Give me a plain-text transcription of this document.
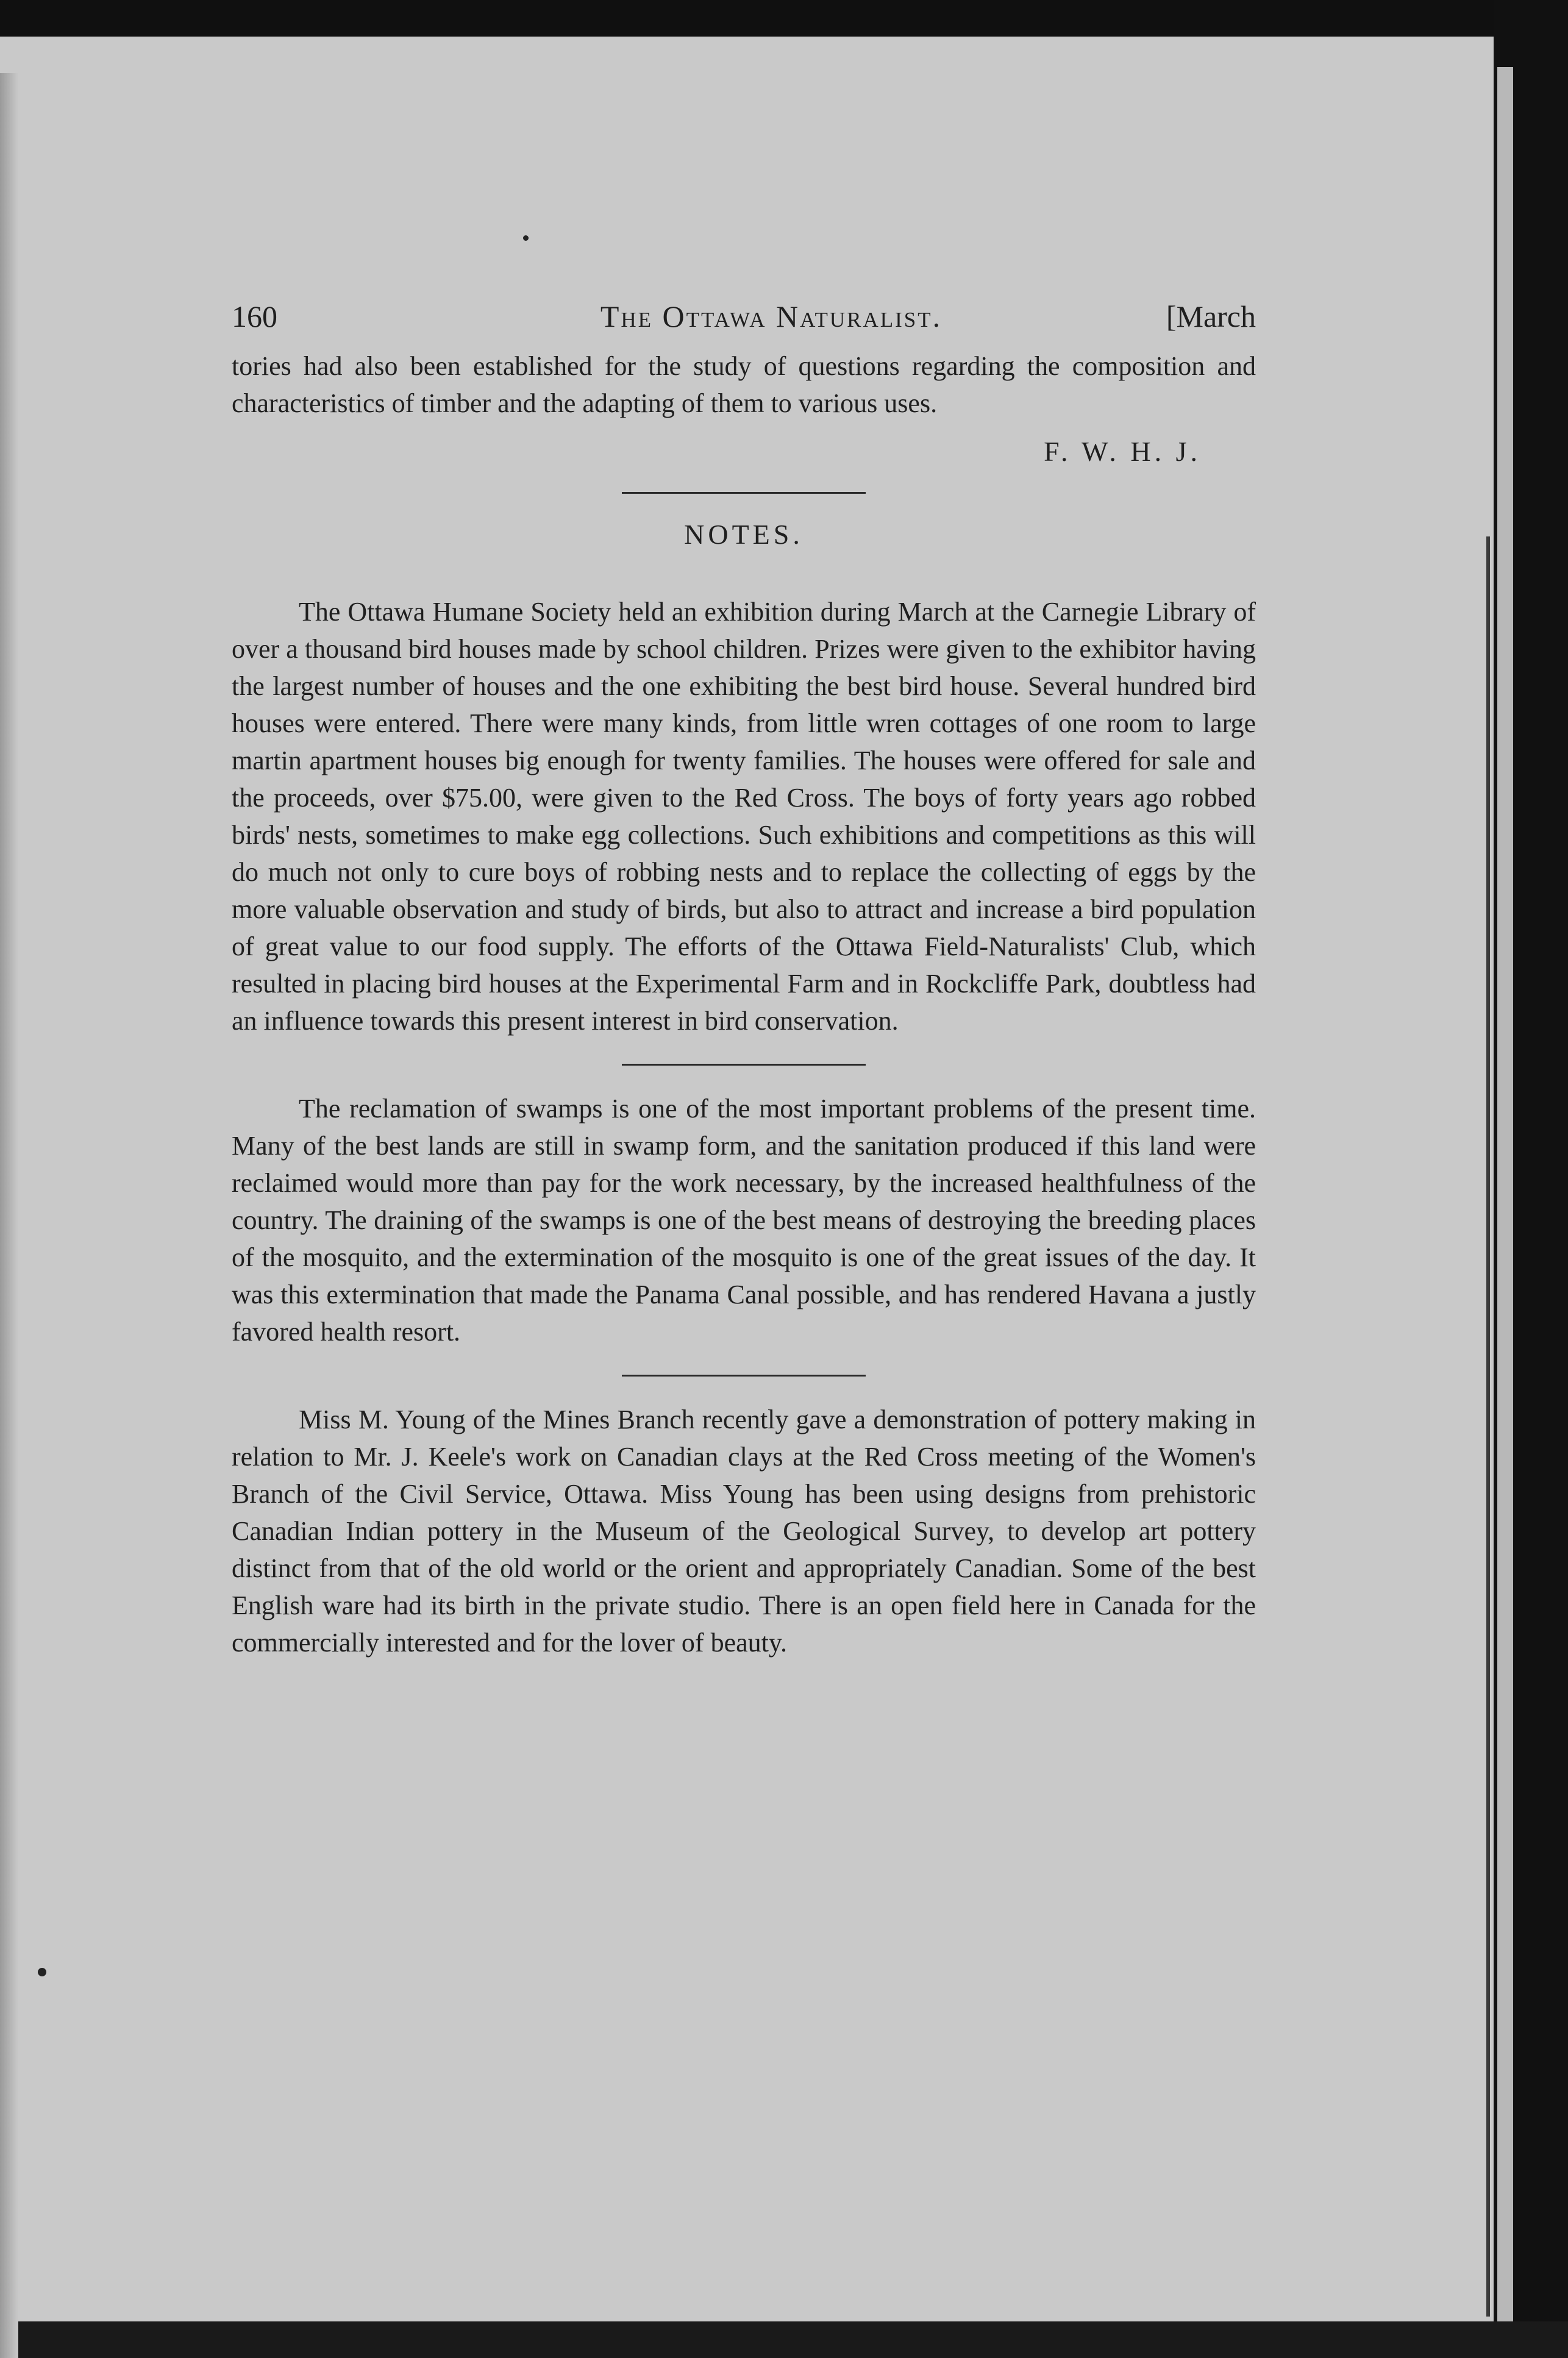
160	The Ottawa Naturalist.	[March

tories had also been established for the study of questions regarding the composition and characteristics of timber and the adapting of them to various uses.

F. W. H. J.
NOTES.

The Ottawa Humane Society held an exhibition during March at the Carnegie Library of over a thousand bird houses made by school children. Prizes were given to the exhibitor having the largest number of houses and the one exhibiting the best bird house. Several hundred bird houses were entered. There were many kinds, from little wren cottages of one room to large martin apartment houses big enough for twenty families. The houses were offered for sale and the proceeds, over $75.00, were given to the Red Cross. The boys of forty years ago robbed birds' nests, sometimes to make egg collections. Such exhibitions and competitions as this will do much not only to cure boys of robbing nests and to replace the collecting of eggs by the more valuable observation and study of birds, but also to attract and increase a bird population of great value to our food supply. The efforts of the Ottawa Field-Naturalists' Club, which resulted in placing bird houses at the Experimental Farm and in Rockcliffe Park, doubtless had an influence towards this present interest in bird conservation.

The reclamation of swamps is one of the most important problems of the present time. Many of the best lands are still in swamp form, and the sanitation produced if this land were reclaimed would more than pay for the work necessary, by the increased healthfulness of the country. The draining of the swamps is one of the best means of destroying the breeding places of the mosquito, and the extermination of the mosquito is one of the great issues of the day. It was this extermination that made the Panama Canal possible, and has rendered Havana a justly favored health resort.

Miss M. Young of the Mines Branch recently gave a demonstration of pottery making in relation to Mr. J. Keele's work on Canadian clays at the Red Cross meeting of the Women's Branch of the Civil Service, Ottawa. Miss Young has been using designs from prehistoric Canadian Indian pottery in the Museum of the Geological Survey, to develop art pottery distinct from that of the old world or the orient and appropriately Canadian. Some of the best English ware had its birth in the private studio. There is an open field here in Canada for the commercially interested and for the lover of beauty.
